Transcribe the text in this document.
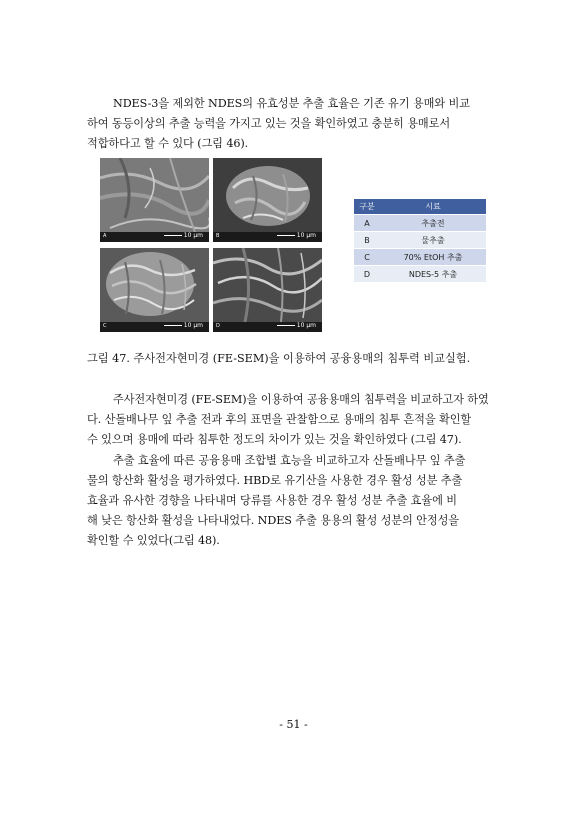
NDES-3을 제외한 NDES의 유효성분 추출 효율은 기존 유기 용매와 비교
하여 동등이상의 추출 능력을 가지고 있는 것을 확인하였고 충분히 용매로서
적합하다고 할 수 있다 (그림 46).

A	10 μm	B	10 μm
C	10 μm	D	10 μm
구분	시료
A	추출전
B	물추출
C	70% EtOH 추출
D	NDES-5 추출
그림 47. 주사전자현미경 (FE-SEM)을 이용하여 공융용매의 침투력 비교실험.

주사전자현미경 (FE-SEM)을 이용하여 공융용매의 침투력을 비교하고자 하였
다. 산돌배나무 잎 추출 전과 후의 표면을 관찰함으로 용매의 침투 흔적을 확인할
수 있으며 용매에 따라 침투한 정도의 차이가 있는 것을 확인하였다 (그림 47).

추출 효율에 따른 공융용매 조합별 효능을 비교하고자 산돌배나무 잎 추출
물의 항산화 활성을 평가하였다. HBD로 유기산을 사용한 경우 활성 성분 추출
효율과 유사한 경향을 나타내며 당류를 사용한 경우 활성 성분 추출 효율에 비
해 낮은 항산화 활성을 나타내었다. NDES 추출 용용의 활성 성분의 안정성을
확인할 수 있었다(그림 48).

- 51 -
